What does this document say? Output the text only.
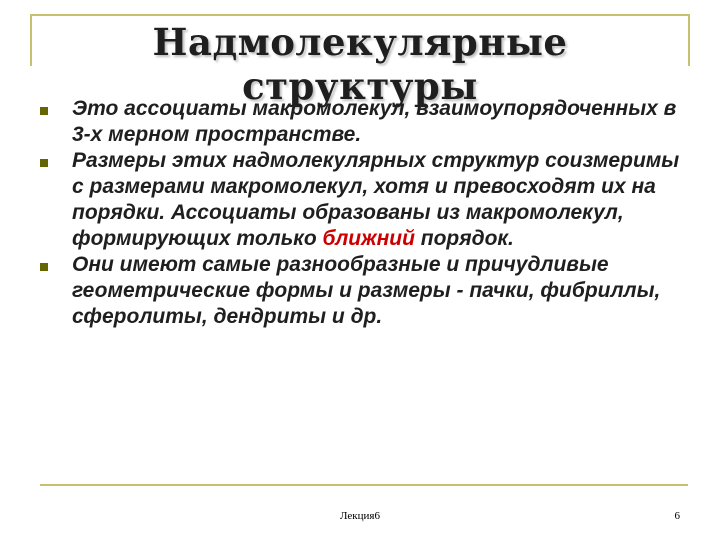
Надмолекулярные структуры
Это ассоциаты макромолекул, взаимоупорядоченных в 3-х мерном пространстве.
Размеры этих надмолекулярных структур соизмеримы с размерами макромолекул, хотя и превосходят их на порядки. Ассоциаты образованы из макромолекул, формирующих только ближний порядок.
Они имеют самые разнообразные и причудливые геометрические формы и размеры - пачки, фибриллы, сферолиты, дендриты и др.
Лекция6	6
